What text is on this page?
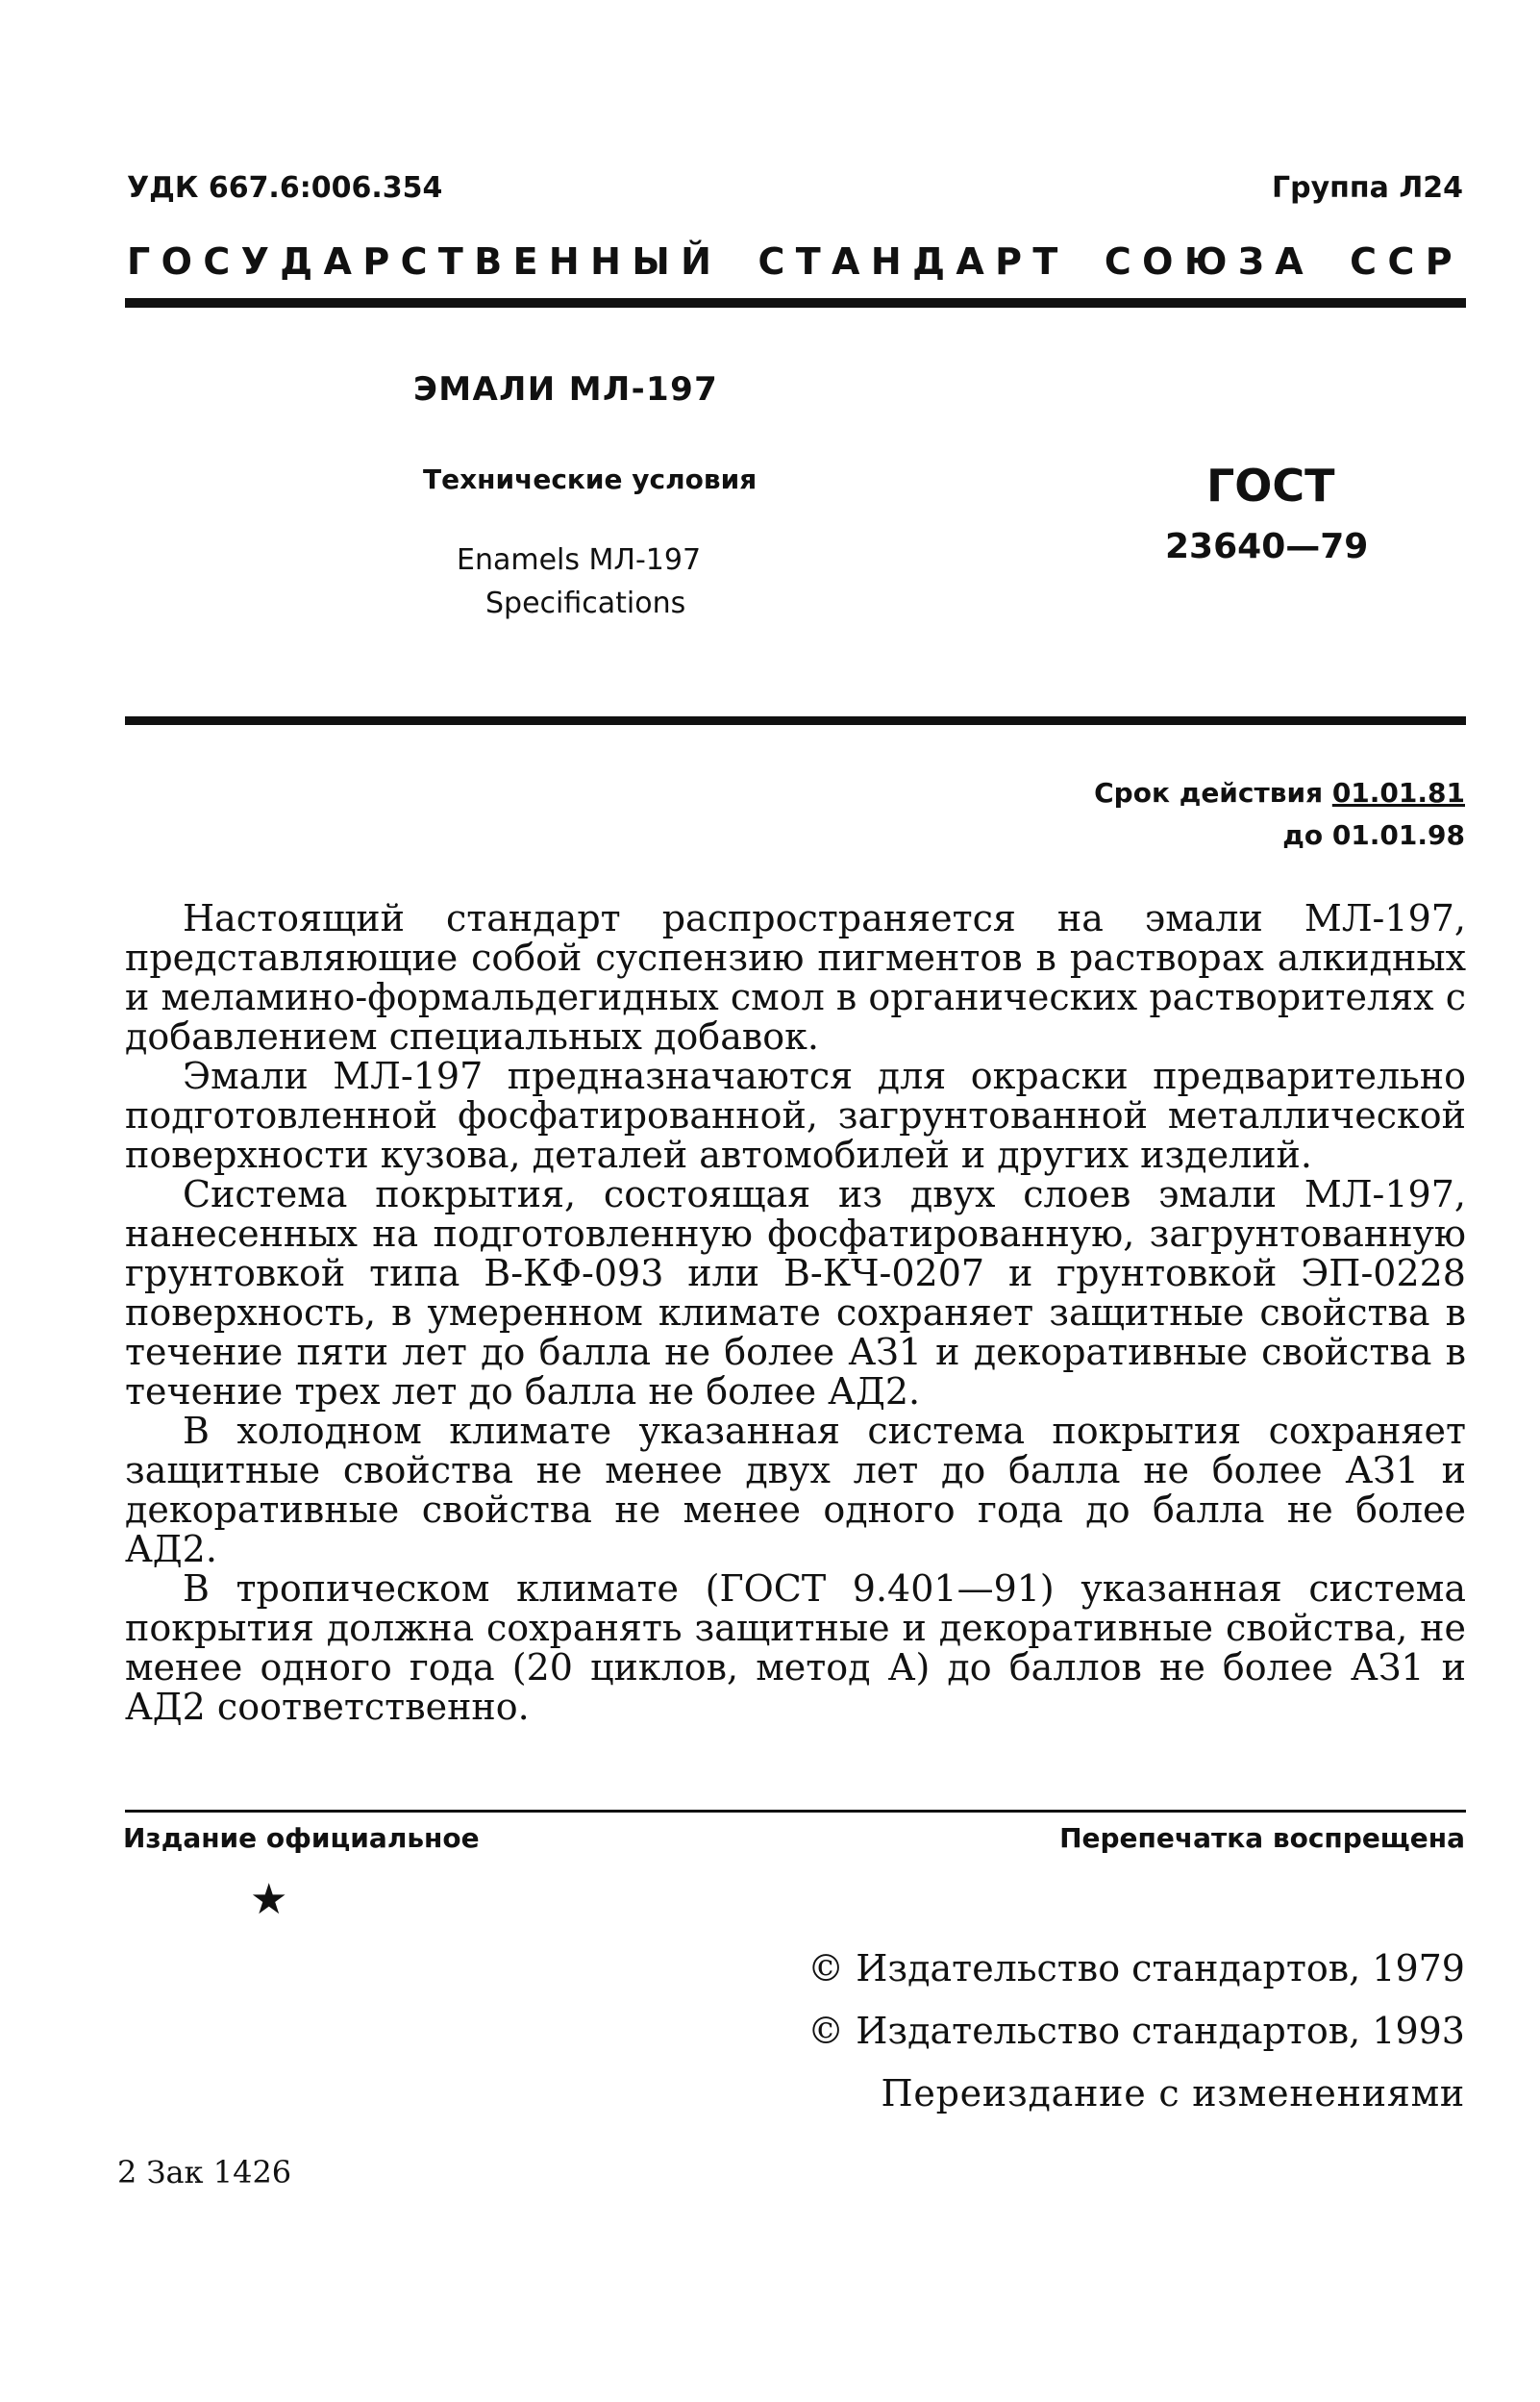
УДК 667.6:006.354	Группа Л24
ГОСУДАРСТВЕННЫЙ СТАНДАРТ СОЮЗА ССР
ЭМАЛИ МЛ-197
Технические условия
Enamels МЛ-197
Specifications
ГОСТ
23640—79
Срок действия 01.01.81
до 01.01.98

Настоящий стандарт распространяется на эмали МЛ-197, представляющие собой суспензию пигментов в растворах алкидных и меламино-формальдегидных смол в органических растворителях с добавлением специальных добавок.

Эмали МЛ-197 предназначаются для окраски предварительно подготовленной фосфатированной, загрунтованной металлической поверхности кузова, деталей автомобилей и других изделий.

Система покрытия, состоящая из двух слоев эмали МЛ-197, нанесенных на подготовленную фосфатированную, загрунтованную грунтовкой типа В-КФ-093 или В-КЧ-0207 и грунтовкой ЭП-0228 поверхность, в умеренном климате сохраняет защитные свойства в течение пяти лет до балла не более АЗ1 и декоративные свойства в течение трех лет до балла не более АД2.

В холодном климате указанная система покрытия сохраняет защитные свойства не менее двух лет до балла не более АЗ1 и декоративные свойства не менее одного года до балла не более АД2.

В тропическом климате (ГОСТ 9.401—91) указанная система покрытия должна сохранять защитные и декоративные свойства, не менее одного года (20 циклов, метод А) до баллов не более АЗ1 и АД2 соответственно.

Издание официальное	Перепечатка воспрещена
★
© Издательство стандартов, 1979
© Издательство стандартов, 1993
Переиздание с изменениями
2 Зак 1426
